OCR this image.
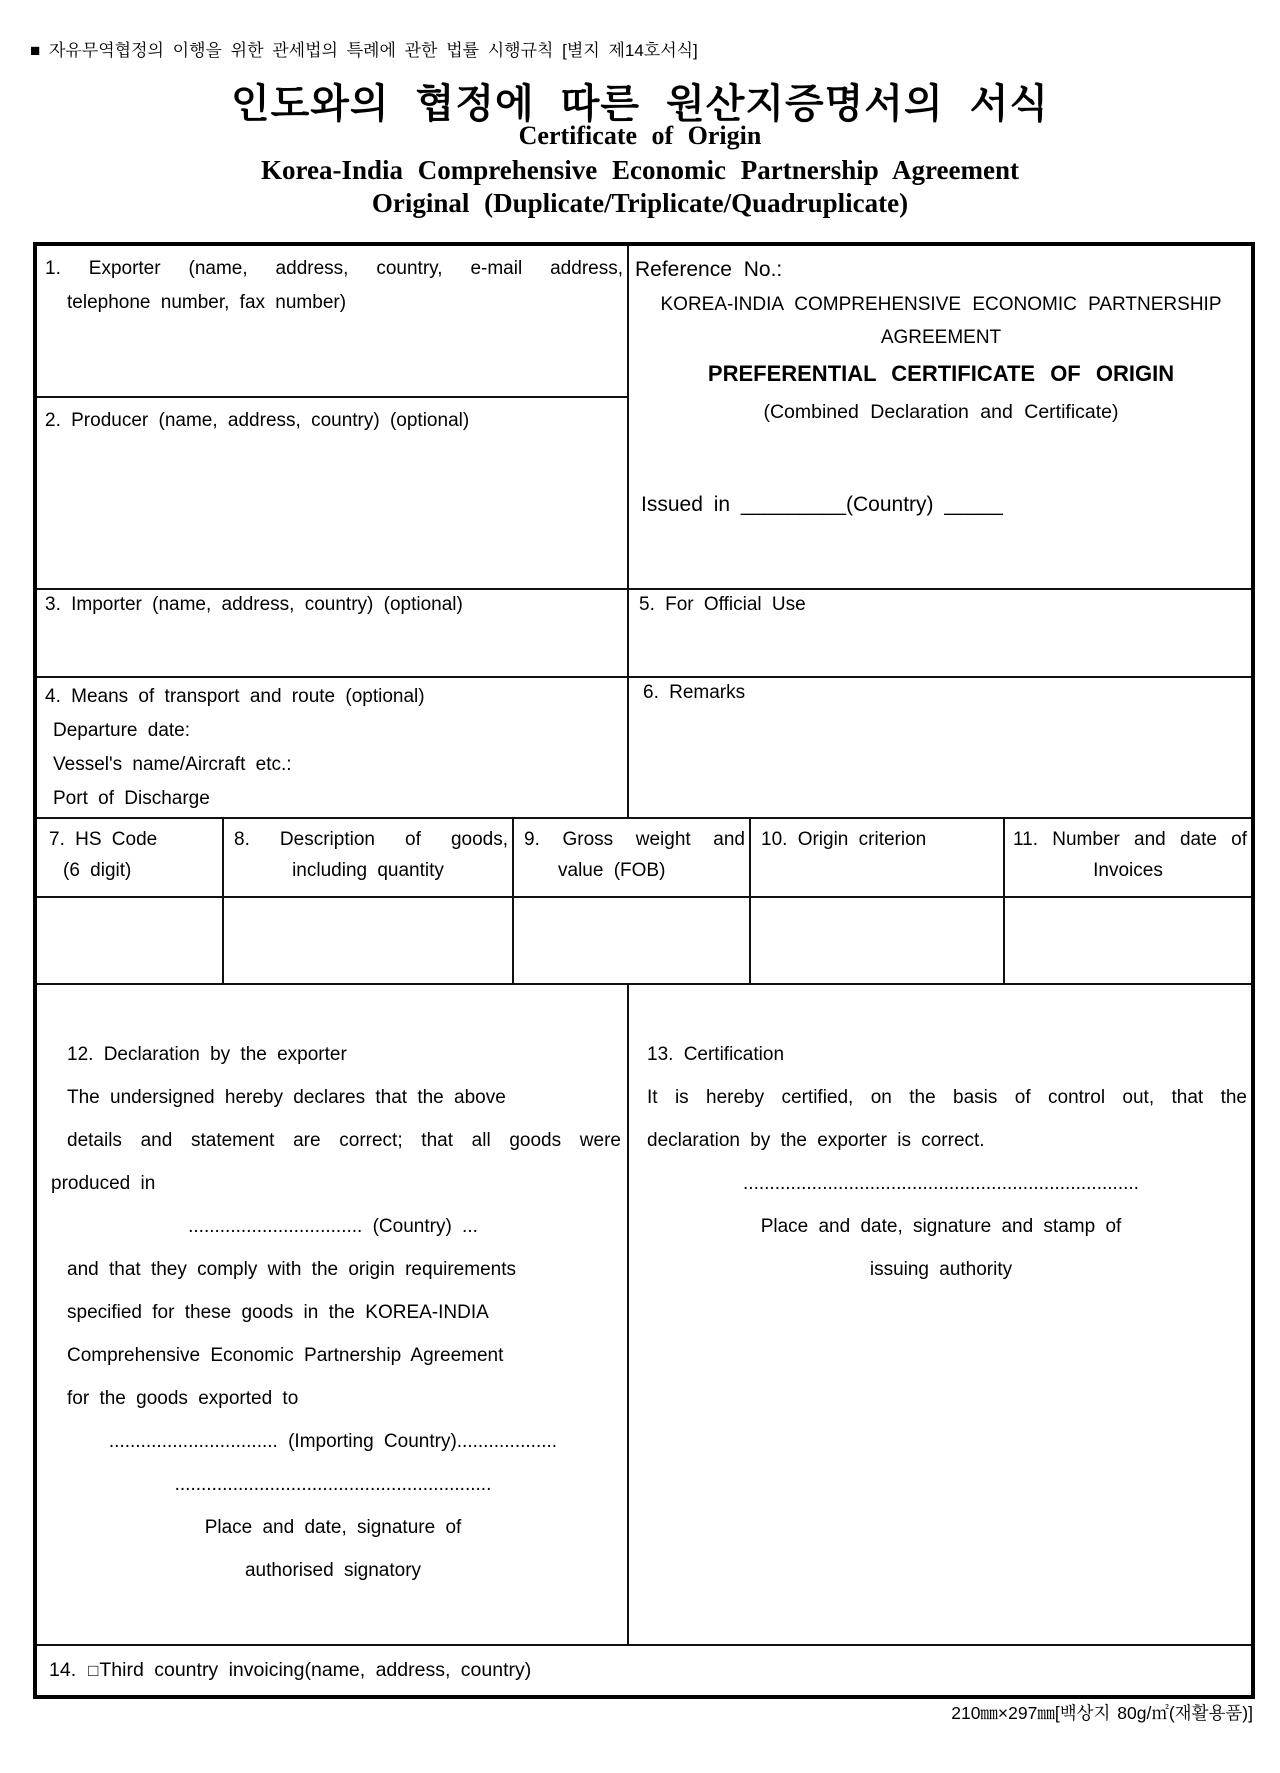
■ 자유무역협정의 이행을 위한 관세법의 특례에 관한 법률 시행규칙 [별지 제14호서식]
인도와의 협정에 따른 원산지증명서의 서식
Certificate of Origin
Korea-India Comprehensive Economic Partnership Agreement
Original (Duplicate/Triplicate/Quadruplicate)
1. Exporter (name, address, country, e-mail address,
telephone number, fax number)
Reference No.:
KOREA-INDIA COMPREHENSIVE ECONOMIC PARTNERSHIP
AGREEMENT
PREFERENTIAL CERTIFICATE OF ORIGIN
(Combined Declaration and Certificate)
Issued in _________(Country) _____
2. Producer (name, address, country) (optional)
3. Importer (name, address, country) (optional)	5. For Official Use
4. Means of transport and route (optional)
Departure date:
Vessel's name/Aircraft etc.:
Port of Discharge
6. Remarks
7. HS Code
(6 digit)
8. Description of goods,
including quantity
9. Gross weight and
value (FOB)
10. Origin criterion	11. Number and date of
Invoices
12. Declaration by the exporter
The undersigned hereby declares that the above
details and statement are correct; that all goods were
produced in
................................. (Country) ...
and that they comply with the origin requirements
specified for these goods in the KOREA-INDIA
Comprehensive Economic Partnership Agreement
for the goods exported to
................................ (Importing Country)...................
............................................................
Place and date, signature of
authorised signatory
13. Certification
It is hereby certified, on the basis of control out, that the
declaration by the exporter is correct.
...........................................................................
Place and date, signature and stamp of
issuing authority
14. □ Third country invoicing(name, address, country)
210㎜×297㎜[백상지 80g/㎡(재활용품)]
